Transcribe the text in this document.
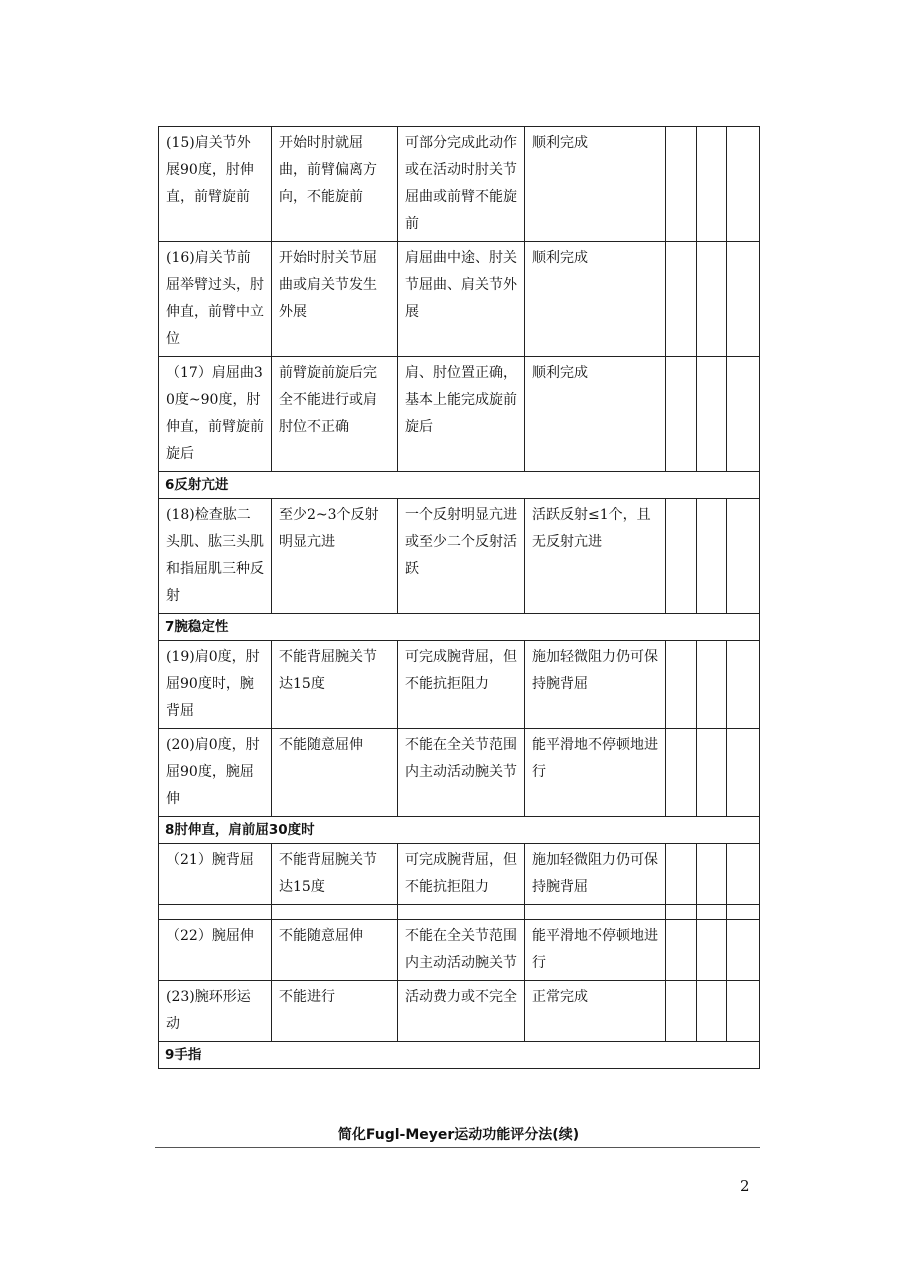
(15)肩关节外展90度，肘伸直，前臂旋前	开始时肘就屈曲，前臂偏离方向，不能旋前	可部分完成此动作或在活动时肘关节屈曲或前臂不能旋前	顺利完成			
(16)肩关节前屈举臂过头，肘伸直，前臂中立位	开始时肘关节屈曲或肩关节发生外展	肩屈曲中途、肘关节屈曲、肩关节外展	顺利完成			
（17）肩屈曲30度~90度，肘伸直，前臂旋前旋后	前臂旋前旋后完全不能进行或肩肘位不正确	肩、肘位置正确，基本上能完成旋前旋后	顺利完成			
6反射亢进						
(18)检查肱二头肌、肱三头肌和指屈肌三种反射	至少2~3个反射明显亢进	一个反射明显亢进或至少二个反射活跃	活跃反射≤1个，且无反射亢进			
7腕稳定性						
(19)肩0度，肘屈90度时，腕背屈	不能背屈腕关节达15度	可完成腕背屈，但不能抗拒阻力	施加轻微阻力仍可保持腕背屈			
(20)肩0度，肘屈90度，腕屈伸	不能随意屈伸	不能在全关节范围内主动活动腕关节	能平滑地不停顿地进行			
8肘伸直，肩前屈30度时						
（21）腕背屈	不能背屈腕关节达15度	可完成腕背屈，但不能抗拒阻力	施加轻微阻力仍可保持腕背屈			

（22）腕屈伸	不能随意屈伸	不能在全关节范围内主动活动腕关节	能平滑地不停顿地进行			
(23)腕环形运动	不能进行	活动费力或不完全	正常完成			
9手指						
简化Fugl-Meyer运动功能评分法(续)
2
